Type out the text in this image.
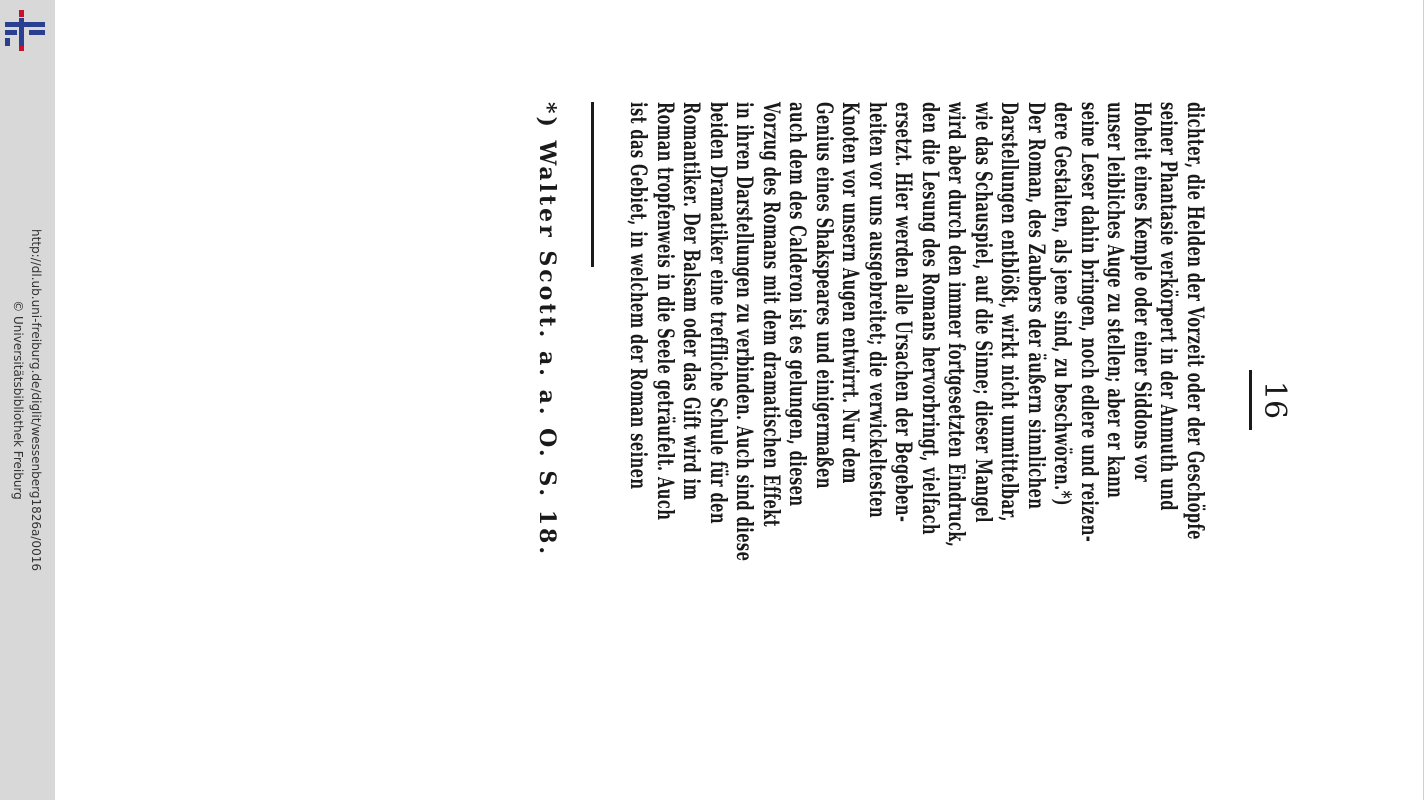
http://dl.ub.uni-freiburg.de/diglit/wessenberg1826a/0016
© Universitätsbibliothek Freiburg	16
dichter, die Helden der Vorzeit oder der Geschöpfe
seiner Phantasie verkörpert in der Anmuth und
Hoheit eines Kemple oder einer Siddons vor
unser leibliches Auge zu stellen; aber er kann
seine Leser dahin bringen, noch edlere und reizen-
dere Gestalten, als jene sind, zu beschwören.*)
Der Roman, des Zaubers der äußern sinnlichen
Darstellungen entblößt, wirkt nicht unmittelbar,
wie das Schauspiel, auf die Sinne; dieser Mangel
wird aber durch den immer fortgesetzten Eindruck,
den die Lesung des Romans hervorbringt, vielfach
ersetzt. Hier werden alle Ursachen der Begeben-
heiten vor uns ausgebreitet; die verwickeltesten
Knoten vor unsern Augen entwirrt. Nur dem
Genius eines Shakspeares und einigermaßen
auch dem des Calderon ist es gelungen, diesen
Vorzug des Romans mit dem dramatischen Effekt
in ihren Darstellungen zu verbinden. Auch sind diese
beiden Dramatiker eine treffliche Schule für den
Romantiker. Der Balsam oder das Gift wird im
Roman tropfenweis in die Seele geträufelt. Auch
ist das Gebiet, in welchem der Roman seinen
*) Walter Scott. a. a. O. S. 18.
